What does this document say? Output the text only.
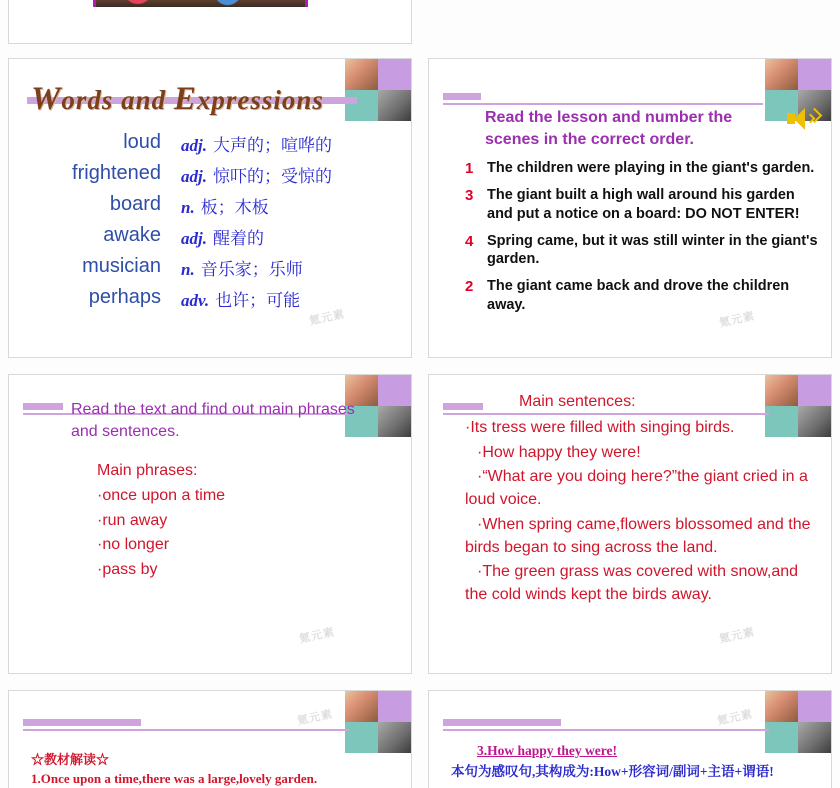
Words and Expressions
loud	adj. 大声的；喧哗的
frightened	adj. 惊吓的；受惊的
board	n. 板；木板
awake	adj. 醒着的
musician	n. 音乐家；乐师
perhaps	adv. 也许；可能
氪元素
Read the lesson and number the scenes in the correct order.
1 The children were playing in the giant's garden.
3 The giant built a high wall around his garden and put a notice on a board: DO NOT ENTER!
4 Spring came, but it was still winter in the giant's garden.
2 The giant came back and drove the children away.
氪元素
Read the text and find out main phrases and sentences.
Main phrases:
·once upon a time
·run away
·no longer
·pass by
氪元素
Main sentences:

·Its tress were filled with singing birds.

·How happy they were!

·“What are you doing here?”the giant cried in a loud voice.

·When spring came,flowers blossomed and the birds began to sing across the land.

·The green grass was covered with snow,and the cold winds kept the birds away.

氪元素
☆教材解读☆
1.Once upon a time,there was a large,lovely garden.
氪元素
3.How happy they were!
本句为感叹句,其构成为:How+形容词/副词+主语+谓语!
氪元素
